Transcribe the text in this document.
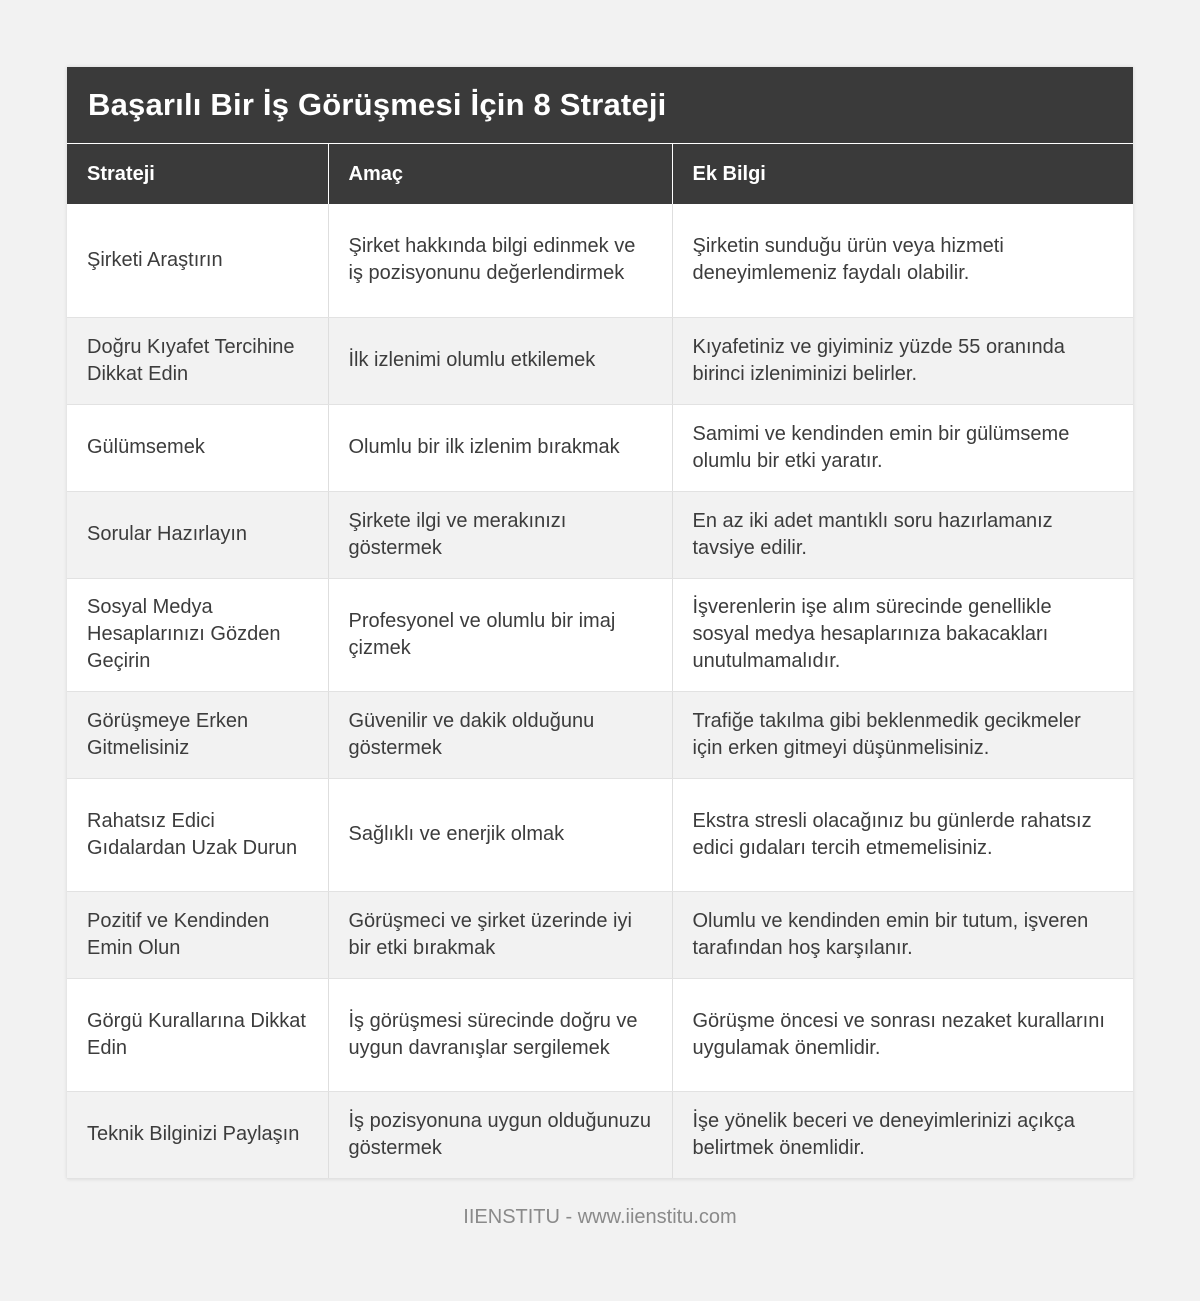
Başarılı Bir İş Görüşmesi İçin 8 Strateji
Strateji	Amaç	Ek Bilgi
Şirketi Araştırın	Şirket hakkında bilgi edinmek ve iş pozisyonunu değerlendirmek	Şirketin sunduğu ürün veya hizmeti deneyimlemeniz faydalı olabilir.
Doğru Kıyafet Tercihine Dikkat Edin	İlk izlenimi olumlu etkilemek	Kıyafetiniz ve giyiminiz yüzde 55 oranında birinci izleniminizi belirler.
Gülümsemek	Olumlu bir ilk izlenim bırakmak	Samimi ve kendinden emin bir gülümseme olumlu bir etki yaratır.
Sorular Hazırlayın	Şirkete ilgi ve merakınızı göstermek	En az iki adet mantıklı soru hazırlamanız tavsiye edilir.
Sosyal Medya Hesaplarınızı Gözden Geçirin	Profesyonel ve olumlu bir imaj çizmek	İşverenlerin işe alım sürecinde genellikle sosyal medya hesaplarınıza bakacakları unutulmamalıdır.
Görüşmeye Erken Gitmelisiniz	Güvenilir ve dakik olduğunu göstermek	Trafiğe takılma gibi beklenmedik gecikmeler için erken gitmeyi düşünmelisiniz.
Rahatsız Edici Gıdalardan Uzak Durun	Sağlıklı ve enerjik olmak	Ekstra stresli olacağınız bu günlerde rahatsız edici gıdaları tercih etmemelisiniz.
Pozitif ve Kendinden Emin Olun	Görüşmeci ve şirket üzerinde iyi bir etki bırakmak	Olumlu ve kendinden emin bir tutum, işveren tarafından hoş karşılanır.
Görgü Kurallarına Dikkat Edin	İş görüşmesi sürecinde doğru ve uygun davranışlar sergilemek	Görüşme öncesi ve sonrası nezaket kurallarını uygulamak önemlidir.
Teknik Bilginizi Paylaşın	İş pozisyonuna uygun olduğunuzu göstermek	İşe yönelik beceri ve deneyimlerinizi açıkça belirtmek önemlidir.
IIENSTITU - www.iienstitu.com
